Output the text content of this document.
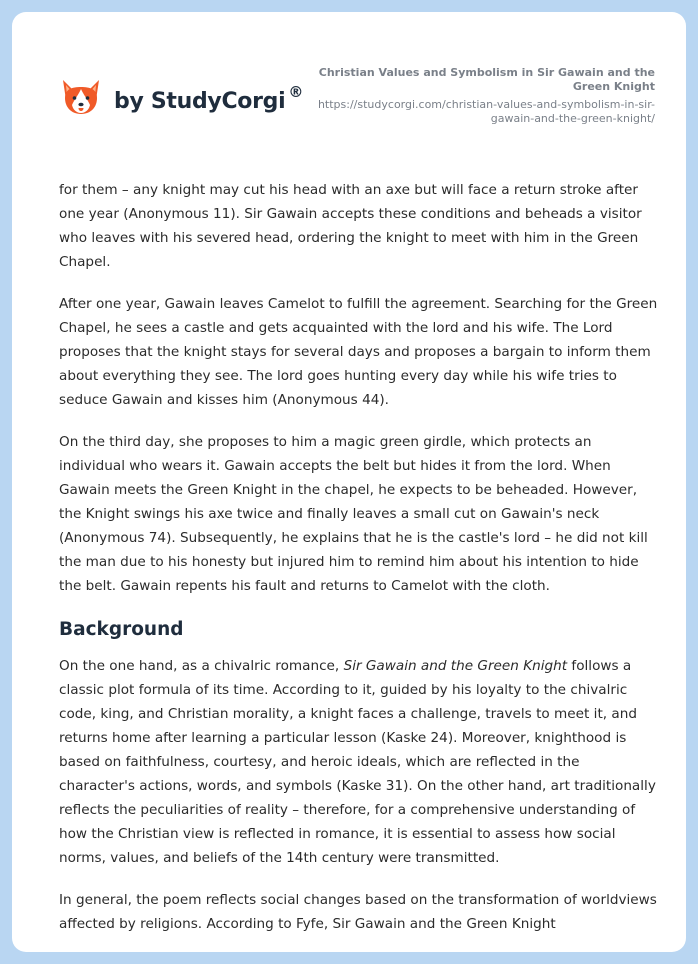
by StudyCorgi ®
Christian Values and Symbolism in Sir Gawain and the Green Knight
https://studycorgi.com/christian-values-and-symbolism-in-sir-gawain-and-the-green-knight/

for them – any knight may cut his head with an axe but will face a return stroke after one year (Anonymous 11). Sir Gawain accepts these conditions and beheads a visitor who leaves with his severed head, ordering the knight to meet with him in the Green Chapel.

After one year, Gawain leaves Camelot to fulfill the agreement. Searching for the Green Chapel, he sees a castle and gets acquainted with the lord and his wife. The Lord proposes that the knight stays for several days and proposes a bargain to inform them about everything they see. The lord goes hunting every day while his wife tries to seduce Gawain and kisses him (Anonymous 44).

On the third day, she proposes to him a magic green girdle, which protects an individual who wears it. Gawain accepts the belt but hides it from the lord. When Gawain meets the Green Knight in the chapel, he expects to be beheaded. However, the Knight swings his axe twice and finally leaves a small cut on Gawain's neck (Anonymous 74). Subsequently, he explains that he is the castle's lord – he did not kill the man due to his honesty but injured him to remind him about his intention to hide the belt. Gawain repents his fault and returns to Camelot with the cloth.

Background

On the one hand, as a chivalric romance, Sir Gawain and the Green Knight follows a classic plot formula of its time. According to it, guided by his loyalty to the chivalric code, king, and Christian morality, a knight faces a challenge, travels to meet it, and returns home after learning a particular lesson (Kaske 24). Moreover, knighthood is based on faithfulness, courtesy, and heroic ideals, which are reflected in the character's actions, words, and symbols (Kaske 31). On the other hand, art traditionally reflects the peculiarities of reality – therefore, for a comprehensive understanding of how the Christian view is reflected in romance, it is essential to assess how social norms, values, and beliefs of the 14th century were transmitted.

In general, the poem reflects social changes based on the transformation of worldviews affected by religions. According to Fyfe, Sir Gawain and the Green Knight
